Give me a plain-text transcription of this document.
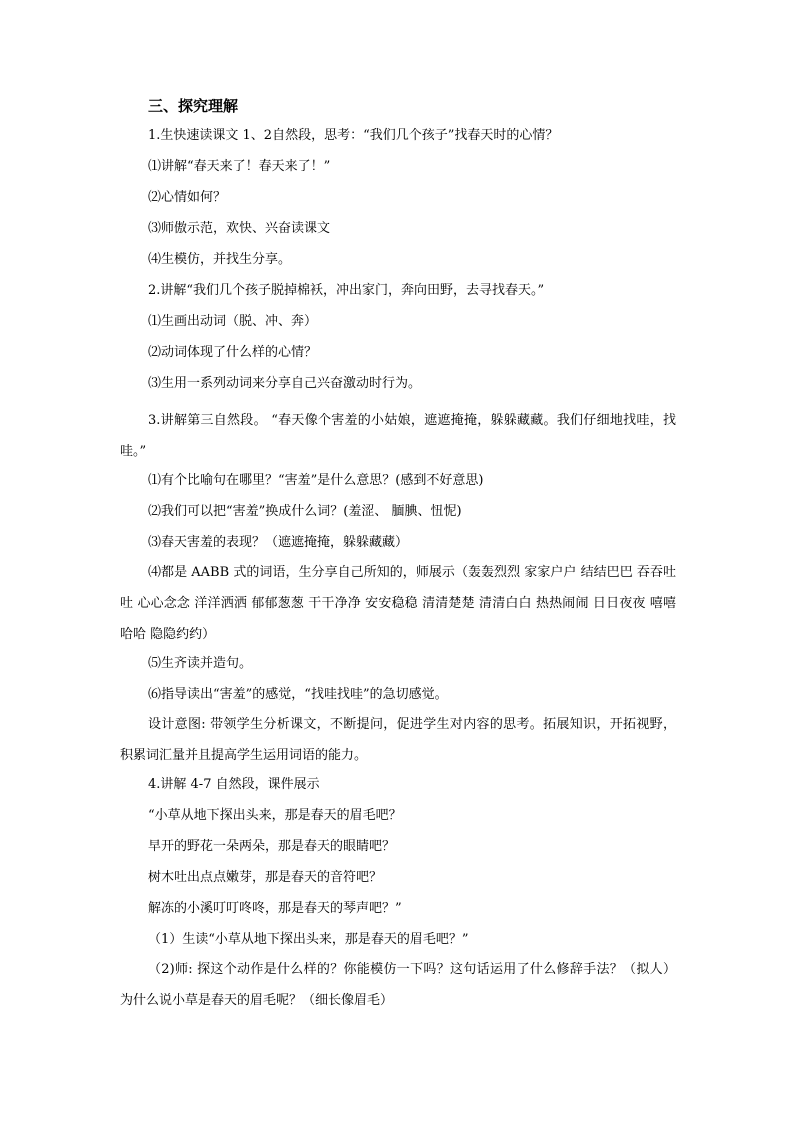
三、探究理解

1.生快速读课文 1、2自然段，思考：“我们几个孩子”找春天时的心情？

⑴讲解“春天来了！春天来了！”

⑵心情如何？

⑶师傲示范，欢快、兴奋读课文

⑷生模仿，并找生分享。

2.讲解“我们几个孩子脱掉棉袄，冲出家门，奔向田野，去寻找春天。”

⑴生画出动词（脱、冲、奔）

⑵动词体现了什么样的心情？

⑶生用一系列动词来分享自己兴奋激动时行为。

3.讲解第三自然段。 “春天像个害羞的小姑娘，遮遮掩掩，躲躲藏藏。我们仔细地找哇，找哇。”

⑴有个比喻句在哪里？“害羞”是什么意思？(感到不好意思)

⑵我们可以把“害羞”换成什么词？(羞涩、 腼腆、忸怩)

⑶春天害羞的表现？（遮遮掩掩，躲躲藏藏）

⑷都是 AABB 式的词语，生分享自己所知的，师展示（轰轰烈烈 家家户户 结结巴巴 吞吞吐吐 心心念念 洋洋洒洒 郁郁葱葱 干干净净 安安稳稳 清清楚楚 清清白白 热热闹闹 日日夜夜 嘻嘻哈哈 隐隐约约）

⑸生齐读并造句。

⑹指导读出“害羞”的感觉，“找哇找哇”的急切感觉。

设计意图: 带领学生分析课文，不断提问，促进学生对内容的思考。拓展知识，开拓视野，积累词汇量并且提高学生运用词语的能力。

4.讲解 4-7 自然段，课件展示

“小草从地下探出头来，那是春天的眉毛吧？

早开的野花一朵两朵，那是春天的眼睛吧？

树木吐出点点嫩芽，那是春天的音符吧？

解冻的小溪叮叮咚咚，那是春天的琴声吧？”

（1）生读“小草从地下探出头来，那是春天的眉毛吧？”

（2)师: 探这个动作是什么样的？你能模仿一下吗？这句话运用了什么修辞手法？（拟人）为什么说小草是春天的眉毛呢？（细长像眉毛）
